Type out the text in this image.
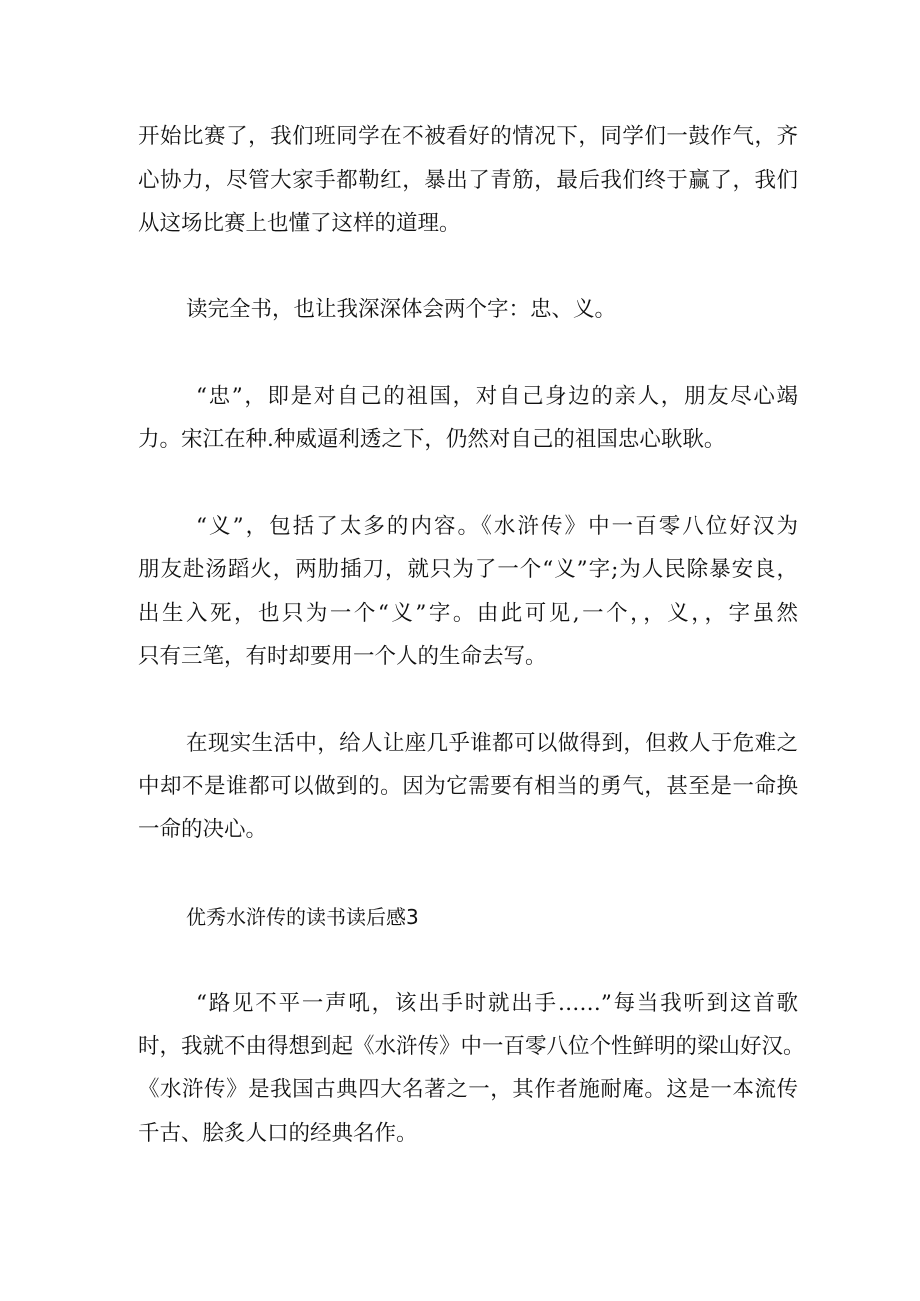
开始比赛了，我们班同学在不被看好的情况下，同学们一鼓作气，齐

心协力，尽管大家手都勒红，暴出了青筋，最后我们终于赢了，我们

从这场比赛上也懂了这样的道理。

读完全书，也让我深深体会两个字：忠、义。

“忠”，即是对自己的祖国，对自己身边的亲人，朋友尽心竭

力。宋江在种.种威逼利透之下，仍然对自己的祖国忠心耿耿。

“义”，包括了太多的内容。《水浒传》中一百零八位好汉为

朋友赴汤蹈火，两肋插刀，就只为了一个“义”字;为人民除暴安良，

出生入死，也只为一个“义”字。由此可见,一个，，义，，字虽然

只有三笔，有时却要用一个人的生命去写。

在现实生活中，给人让座几乎谁都可以做得到，但救人于危难之

中却不是谁都可以做到的。因为它需要有相当的勇气，甚至是一命换

一命的决心。

优秀水浒传的读书读后感3

“路见不平一声吼，该出手时就出手……”每当我听到这首歌

时，我就不由得想到起《水浒传》中一百零八位个性鲜明的梁山好汉。

《水浒传》是我国古典四大名著之一，其作者施耐庵。这是一本流传

千古、脍炙人口的经典名作。
